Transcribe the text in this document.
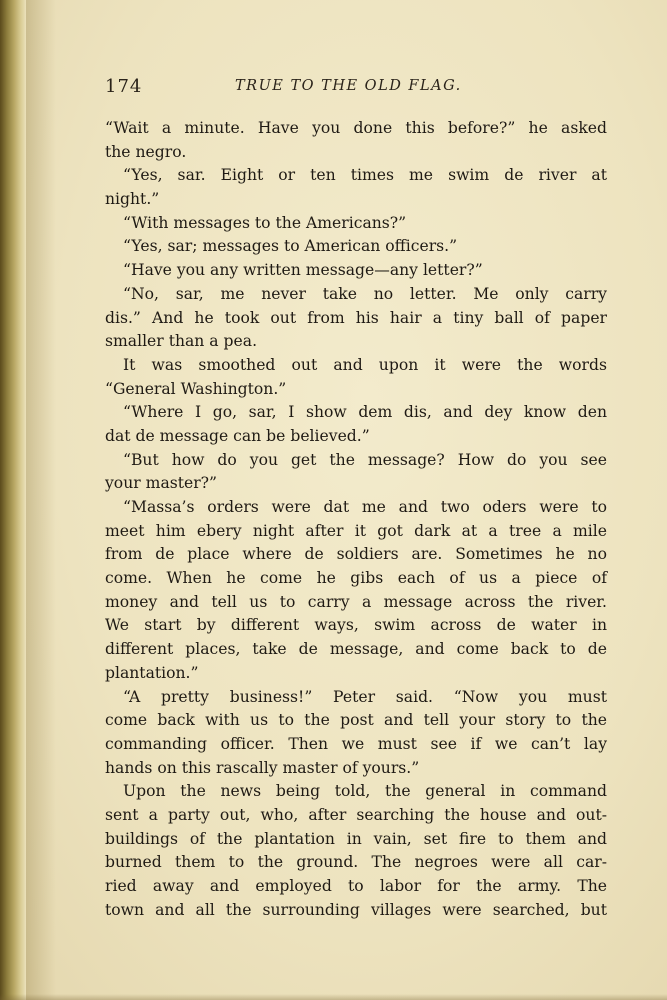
174	TRUE TO THE OLD FLAG.
“Wait a minute. Have you done this before?” he asked
the negro.
“Yes, sar. Eight or ten times me swim de river at
night.”
“With messages to the Americans?”
“Yes, sar; messages to American officers.”
“Have you any written message—any letter?”
“No, sar, me never take no letter. Me only carry
dis.” And he took out from his hair a tiny ball of paper
smaller than a pea.
It was smoothed out and upon it were the words
“General Washington.”
“Where I go, sar, I show dem dis, and dey know den
dat de message can be believed.”
“But how do you get the message? How do you see
your master?”
“Massa’s orders were dat me and two oders were to
meet him ebery night after it got dark at a tree a mile
from de place where de soldiers are. Sometimes he no
come. When he come he gibs each of us a piece of
money and tell us to carry a message across the river.
We start by different ways, swim across de water in
different places, take de message, and come back to de
plantation.”
“A pretty business!” Peter said. “Now you must
come back with us to the post and tell your story to the
commanding officer. Then we must see if we can’t lay
hands on this rascally master of yours.”
Upon the news being told, the general in command
sent a party out, who, after searching the house and out-
buildings of the plantation in vain, set fire to them and
burned them to the ground. The negroes were all car-
ried away and employed to labor for the army. The
town and all the surrounding villages were searched, but
